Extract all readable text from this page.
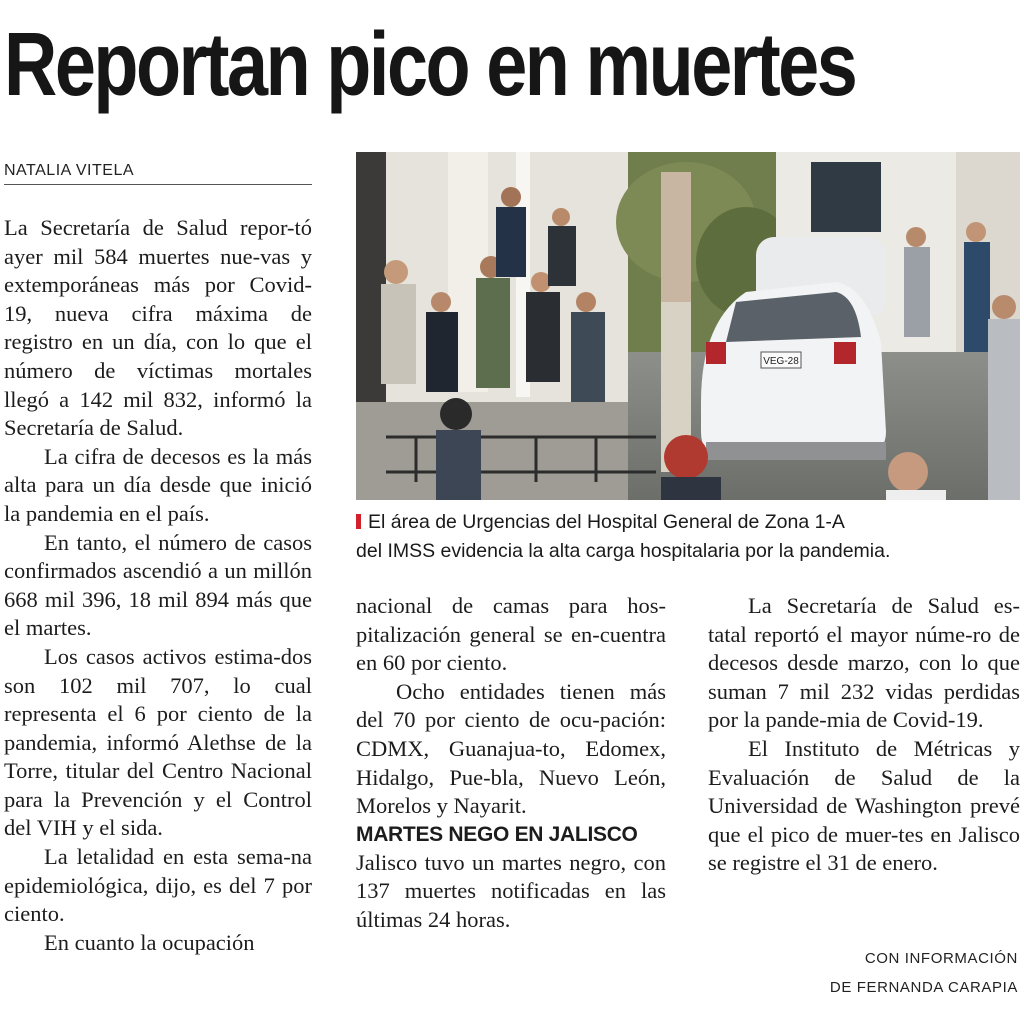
Reportan pico en muertes
NATALIA VITELA

La Secretaría de Salud repor-tó ayer mil 584 muertes nue-vas y extemporáneas más por Covid-19, nueva cifra máxima de registro en un día, con lo que el número de víctimas mortales llegó a 142 mil 832, informó la Secretaría de Salud.

La cifra de decesos es la más alta para un día desde que inició la pandemia en el país.

En tanto, el número de casos confirmados ascendió a un millón 668 mil 396, 18 mil 894 más que el martes.

Los casos activos estima-dos son 102 mil 707, lo cual representa el 6 por ciento de la pandemia, informó Alethse de la Torre, titular del Centro Nacional para la Prevención y el Control del VIH y el sida.

La letalidad en esta sema-na epidemiológica, dijo, es del 7 por ciento.

En cuanto la ocupación

VEG-28
El área de Urgencias del Hospital General de Zona 1-A
del IMSS evidencia la alta carga hospitalaria por la pandemia.

nacional de camas para hos-pitalización general se en-cuentra en 60 por ciento.

Ocho entidades tienen más del 70 por ciento de ocu-pación: CDMX, Guanajua-to, Edomex, Hidalgo, Pue-bla, Nuevo León, Morelos y Nayarit.

MARTES NEGO EN JALISCO

Jalisco tuvo un martes negro, con 137 muertes notificadas en las últimas 24 horas.

La Secretaría de Salud es-tatal reportó el mayor núme-ro de decesos desde marzo, con lo que suman 7 mil 232 vidas perdidas por la pande-mia de Covid-19.

El Instituto de Métricas y Evaluación de Salud de la Universidad de Washington prevé que el pico de muer-tes en Jalisco se registre el 31 de enero.

CON INFORMACIÓN
DE FERNANDA CARAPIA
